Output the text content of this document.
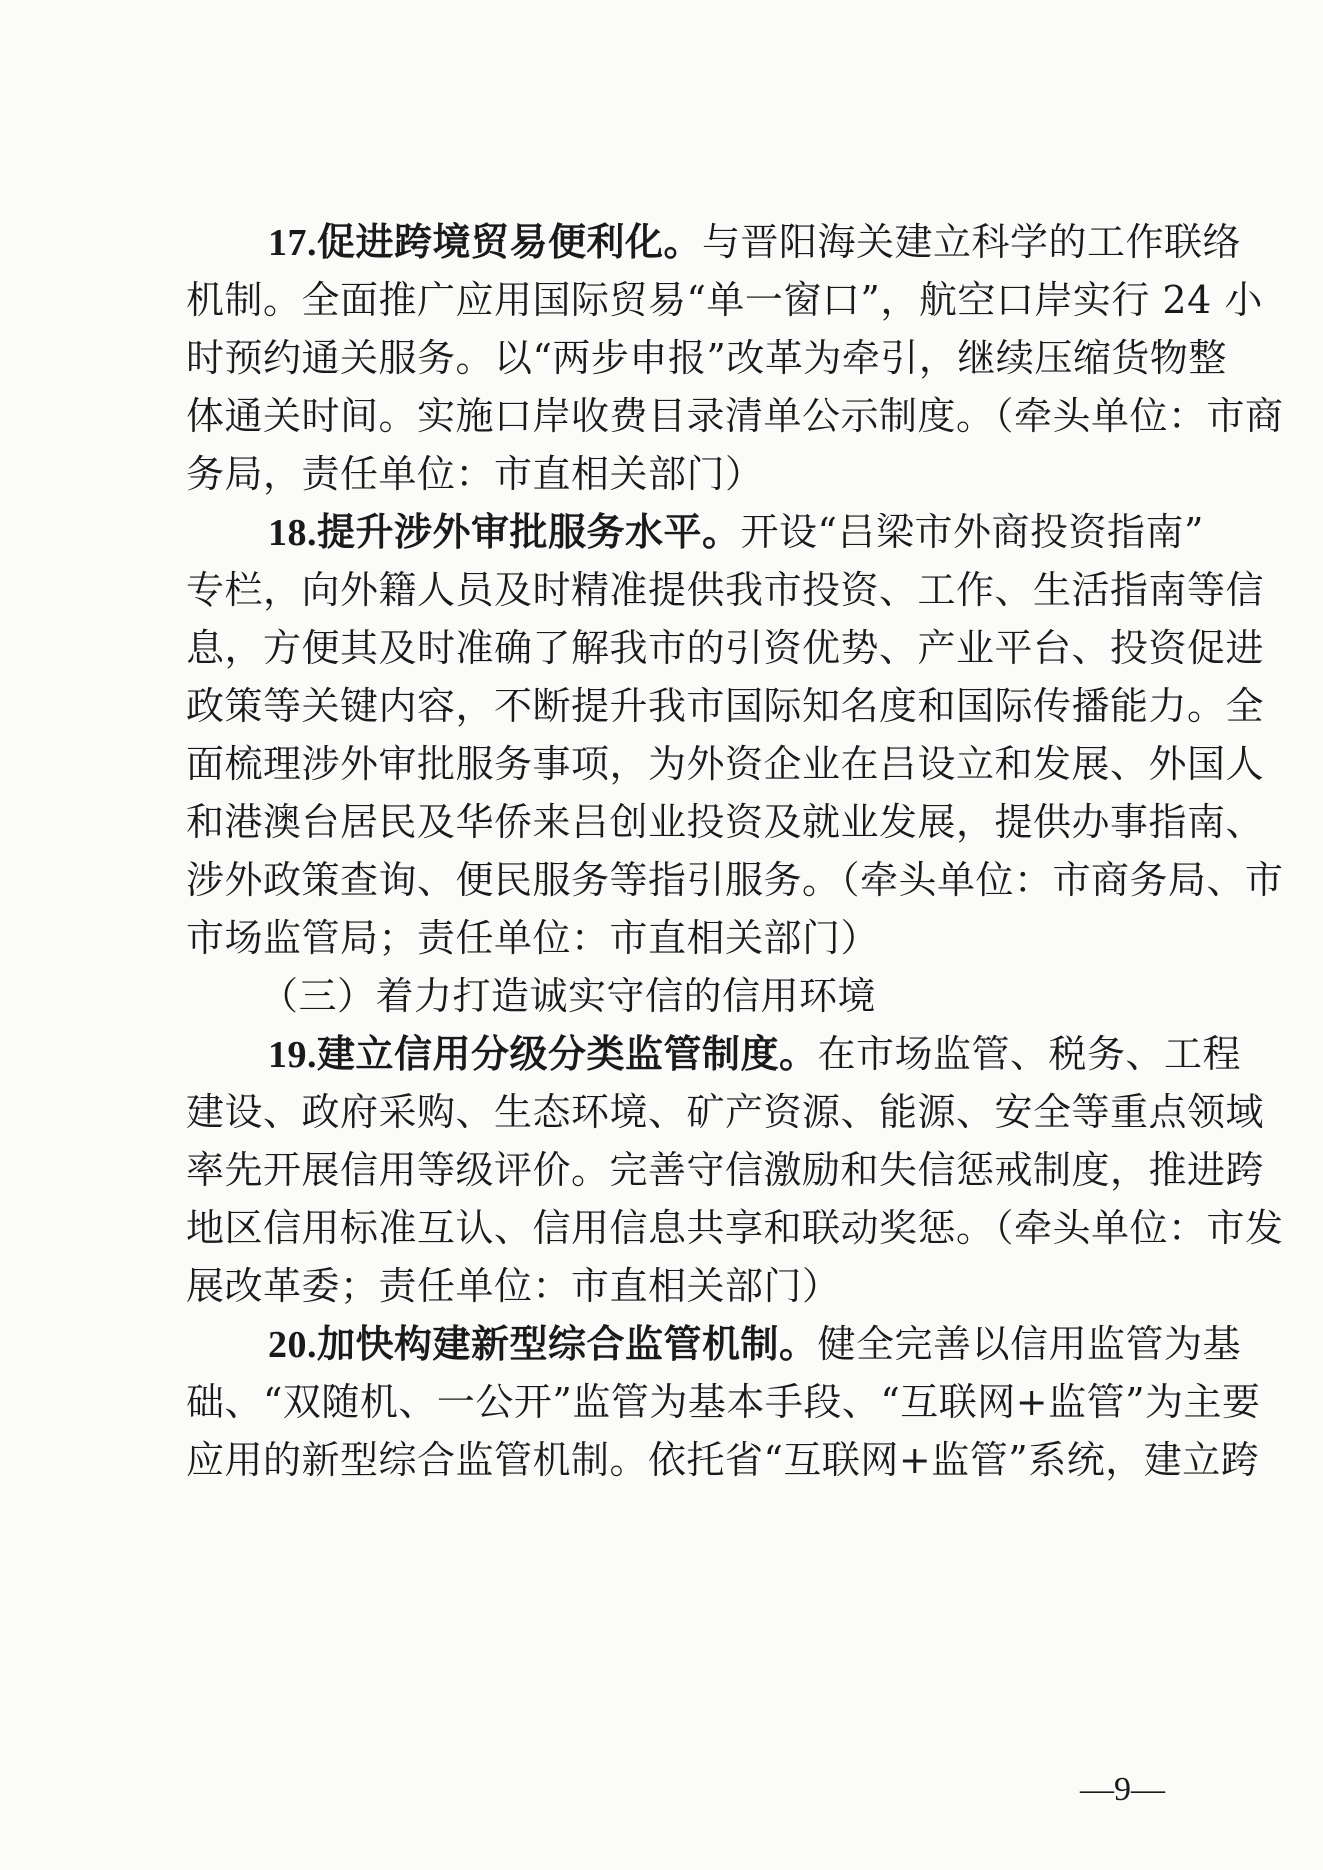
17.促进跨境贸易便利化。与晋阳海关建立科学的工作联络
机制。全面推广应用国际贸易“单一窗口”，航空口岸实行 24 小
时预约通关服务。以“两步申报”改革为牵引，继续压缩货物整
体通关时间。实施口岸收费目录清单公示制度。（牵头单位：市商
务局，责任单位：市直相关部门）
18.提升涉外审批服务水平。开设“吕梁市外商投资指南”
专栏，向外籍人员及时精准提供我市投资、工作、生活指南等信
息，方便其及时准确了解我市的引资优势、产业平台、投资促进
政策等关键内容，不断提升我市国际知名度和国际传播能力。全
面梳理涉外审批服务事项，为外资企业在吕设立和发展、外国人
和港澳台居民及华侨来吕创业投资及就业发展，提供办事指南、
涉外政策查询、便民服务等指引服务。（牵头单位：市商务局、市
市场监管局；责任单位：市直相关部门）
（三）着力打造诚实守信的信用环境
19.建立信用分级分类监管制度。在市场监管、税务、工程
建设、政府采购、生态环境、矿产资源、能源、安全等重点领域
率先开展信用等级评价。完善守信激励和失信惩戒制度，推进跨
地区信用标准互认、信用信息共享和联动奖惩。（牵头单位：市发
展改革委；责任单位：市直相关部门）
20.加快构建新型综合监管机制。健全完善以信用监管为基
础、“双随机、一公开”监管为基本手段、“互联网+监管”为主要
应用的新型综合监管机制。依托省“互联网+监管”系统，建立跨
—9—
